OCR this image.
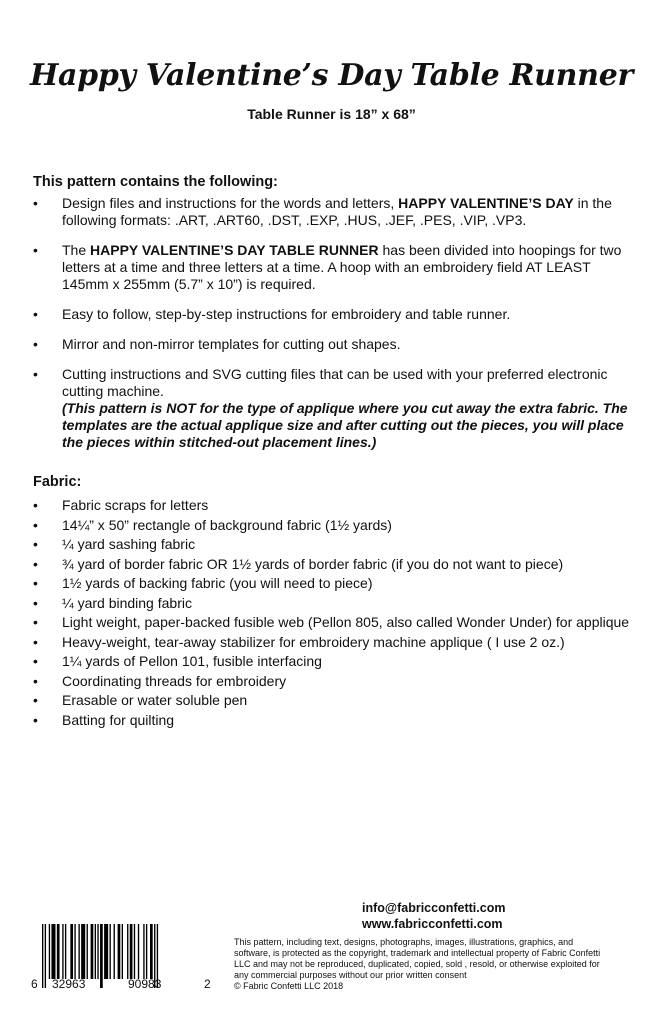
Happy Valentine’s Day Table Runner

Table Runner is 18” x 68”

This pattern contains the following:

• Design files and instructions for the words and letters, HAPPY VALENTINE’S DAY in the following formats: .ART, .ART60, .DST, .EXP, .HUS, .JEF, .PES, .VIP, .VP3.
• The HAPPY VALENTINE’S DAY TABLE RUNNER has been divided into hoopings for two letters at a time and three letters at a time. A hoop with an embroidery field AT LEAST 145mm x 255mm (5.7” x 10”) is required.
• Easy to follow, step-by-step instructions for embroidery and table runner.
• Mirror and non-mirror templates for cutting out shapes.
• Cutting instructions and SVG cutting files that can be used with your preferred electronic cutting machine.
(This pattern is NOT for the type of applique where you cut away the extra fabric. The templates are the actual applique size and after cutting out the pieces, you will place the pieces within stitched-out placement lines.)

Fabric:

• Fabric scraps for letters
• 14¼” x 50” rectangle of background fabric (1½ yards)
• ¼ yard sashing fabric
• ¾ yard of border fabric OR 1½ yards of border fabric (if you do not want to piece)
• 1½ yards of backing fabric (you will need to piece)
• ¼ yard binding fabric
• Light weight, paper-backed fusible web (Pellon 805, also called Wonder Under) for applique
• Heavy-weight, tear-away stabilizer for embroidery machine applique ( I use 2 oz.)
• 1¼ yards of Pellon 101, fusible interfacing
• Coordinating threads for embroidery
• Erasable or water soluble pen
• Batting for quilting
info@fabricconfetti.com
www.fabricconfetti.com
This pattern, including text, designs, photographs, images, illustrations, graphics, and
software, is protected as the copyright, trademark and intellectual property of Fabric Confetti
LLC and may not be reproduced, duplicated, copied, sold , resold, or otherwise exploited for
any commercial purposes without our prior written consent
© Fabric Confetti LLC 2018
6 32963	90983	2
